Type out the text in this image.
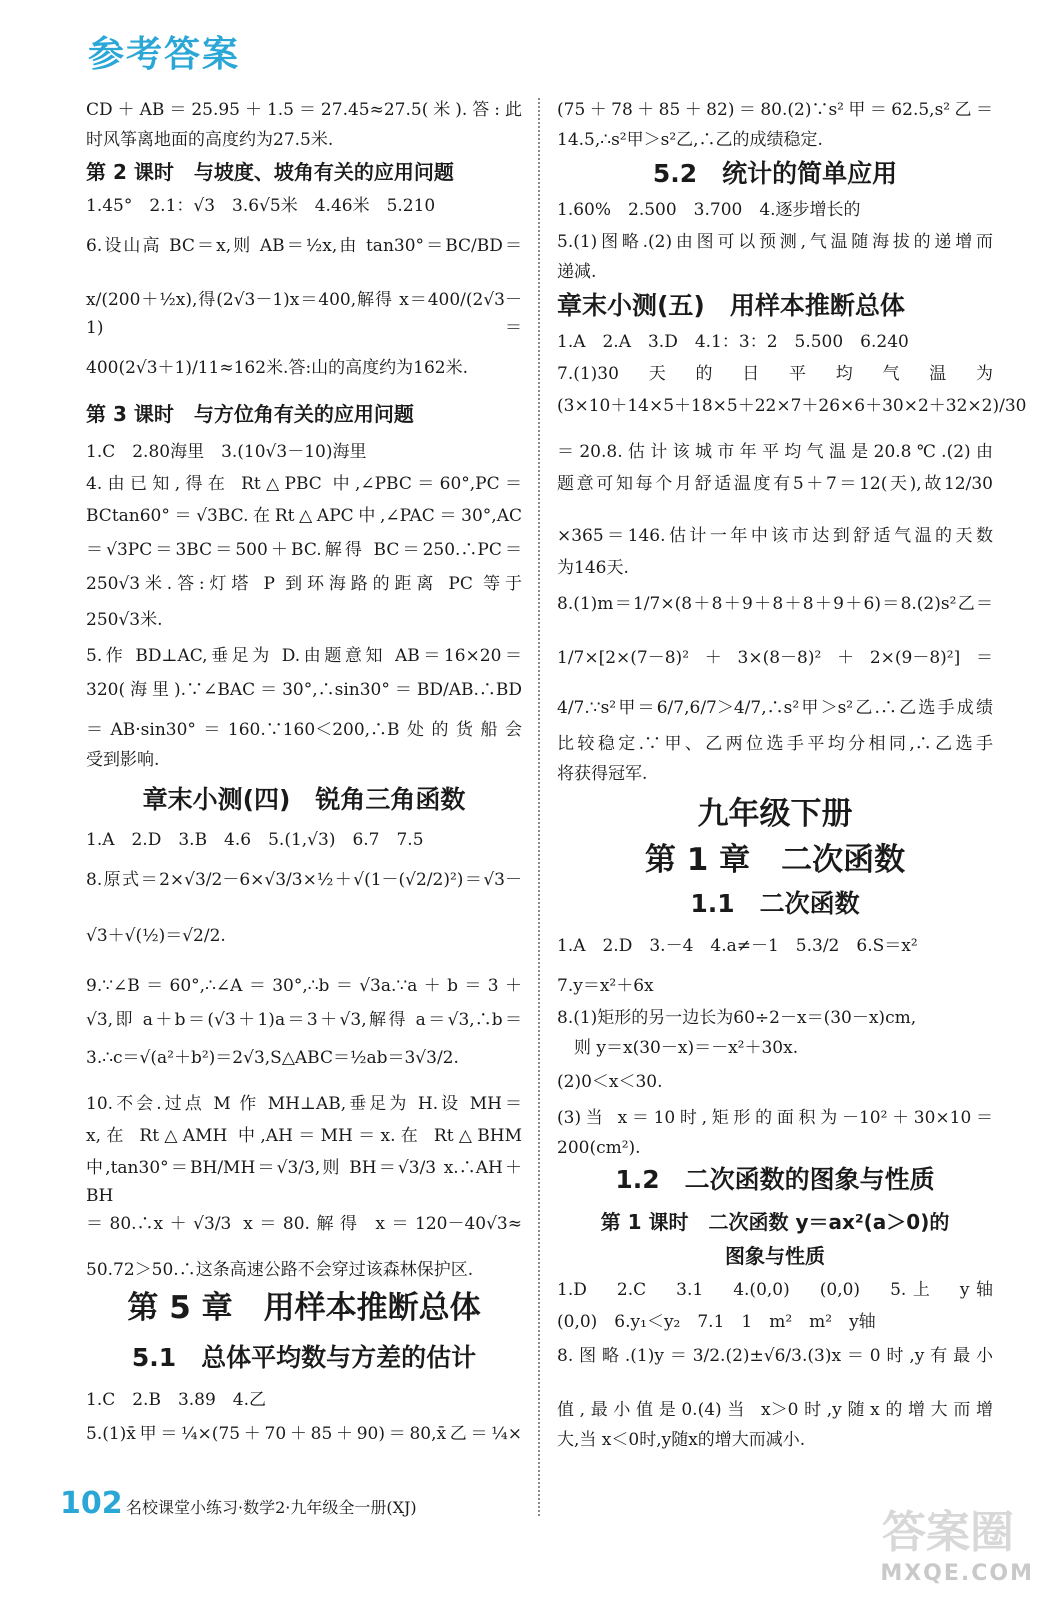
参考答案
CD＋AB＝25.95＋1.5＝27.45≈27.5(米).答:此
时风筝离地面的高度约为27.5米.
第 2 课时　与坡度、坡角有关的应用问题
1.45°　2.1：√3　3.6√5米　4.46米　5.210
6.设山高 BC＝x,则 AB＝½x,由 tan30°＝BC/BD＝
x/(200＋½x),得(2√3－1)x＝400,解得 x＝400/(2√3－1)＝
400(2√3＋1)/11≈162米.答:山的高度约为162米.
第 3 课时　与方位角有关的应用问题
1.C　2.80海里　3.(10√3－10)海里
4.由已知,得在 Rt△PBC 中,∠PBC＝60°,PC＝
BCtan60°＝√3BC.在Rt△APC中,∠PAC＝30°,AC
＝√3PC＝3BC＝500＋BC.解得 BC＝250.∴PC＝
250√3米.答:灯塔 P 到环海路的距离 PC 等于
250√3米.
5.作 BD⊥AC,垂足为 D.由题意知 AB＝16×20＝
320(海里).∵∠BAC＝30°,∴sin30°＝BD/AB.∴BD
＝AB·sin30°＝160.∵160＜200,∴B处的货船会
受到影响.
章末小测(四)　锐角三角函数
1.A　2.D　3.B　4.6　5.(1,√3)　6.7　7.5
8.原式＝2×√3/2－6×√3/3×½＋√(1－(√2/2)²)＝√3－
√3＋√(½)＝√2/2.
9.∵∠B＝60°,∴∠A＝30°,∴b＝√3a.∵a＋b＝3＋
√3,即 a＋b＝(√3＋1)a＝3＋√3,解得 a＝√3,∴b＝
3.∴c＝√(a²＋b²)＝2√3,S△ABC＝½ab＝3√3/2.
10.不会.过点 M 作 MH⊥AB,垂足为 H.设 MH＝
x,在 Rt△AMH 中,AH＝MH＝x.在 Rt△BHM
中,tan30°＝BH/MH＝√3/3,则 BH＝√3/3 x.∴AH＋BH
＝80.∴x＋√3/3 x＝80.解得 x＝120－40√3≈
50.72＞50.∴这条高速公路不会穿过该森林保护区.
第 5 章　用样本推断总体
5.1　总体平均数与方差的估计
1.C　2.B　3.89　4.乙
5.(1)x̄甲＝¼×(75＋70＋85＋90)＝80,x̄乙＝¼×
(75＋78＋85＋82)＝80.(2)∵s²甲＝62.5,s²乙＝
14.5,∴s²甲＞s²乙,∴乙的成绩稳定.
5.2　统计的简单应用
1.60%　2.500　3.700　4.逐步增长的
5.(1)图略.(2)由图可以预测,气温随海拔的递增而
递减.
章末小测(五)　用样本推断总体
1.A　2.A　3.D　4.1：3：2　5.500　6.240
7.(1)30　天　的　日　平　均　气　温　为
(3×10＋14×5＋18×5＋22×7＋26×6＋30×2＋32×2)/30
＝20.8.估计该城市年平均气温是20.8℃.(2)由
题意可知每个月舒适温度有5＋7＝12(天),故12/30
×365＝146.估计一年中该市达到舒适气温的天数
为146天.
8.(1)m＝1/7×(8＋8＋9＋8＋8＋9＋6)＝8.(2)s²乙＝
1/7×[2×(7－8)²＋3×(8－8)²＋2×(9－8)²]＝
4/7.∵s²甲＝6/7,6/7＞4/7,∴s²甲＞s²乙.∴乙选手成绩
比较稳定.∵甲、乙两位选手平均分相同,∴乙选手
将获得冠军.
九年级下册
第 1 章　二次函数
1.1　二次函数
1.A　2.D　3.－4　4.a≠－1　5.3/2　6.S＝x²
7.y＝x²＋6x
8.(1)矩形的另一边长为60÷2－x＝(30－x)cm,
　则 y＝x(30－x)＝－x²＋30x.
(2)0＜x＜30.
(3)当 x＝10时,矩形的面积为－10²＋30×10＝
200(cm²).
1.2　二次函数的图象与性质
第 1 课时　二次函数 y＝ax²(a＞0)的
图象与性质
1.D　2.C　3.1　4.(0,0)　(0,0)　5.上　y轴
(0,0)　6.y₁＜y₂　7.1　1　m²　m²　y轴
8.图略.(1)y＝3/2.(2)±√6/3.(3)x＝0时,y有最小
值,最小值是0.(4)当 x＞0时,y随x的增大而增
大,当 x＜0时,y随x的增大而减小.
102 名校课堂小练习·数学2·九年级全一册(XJ)	答案圈
MXQE.COM
